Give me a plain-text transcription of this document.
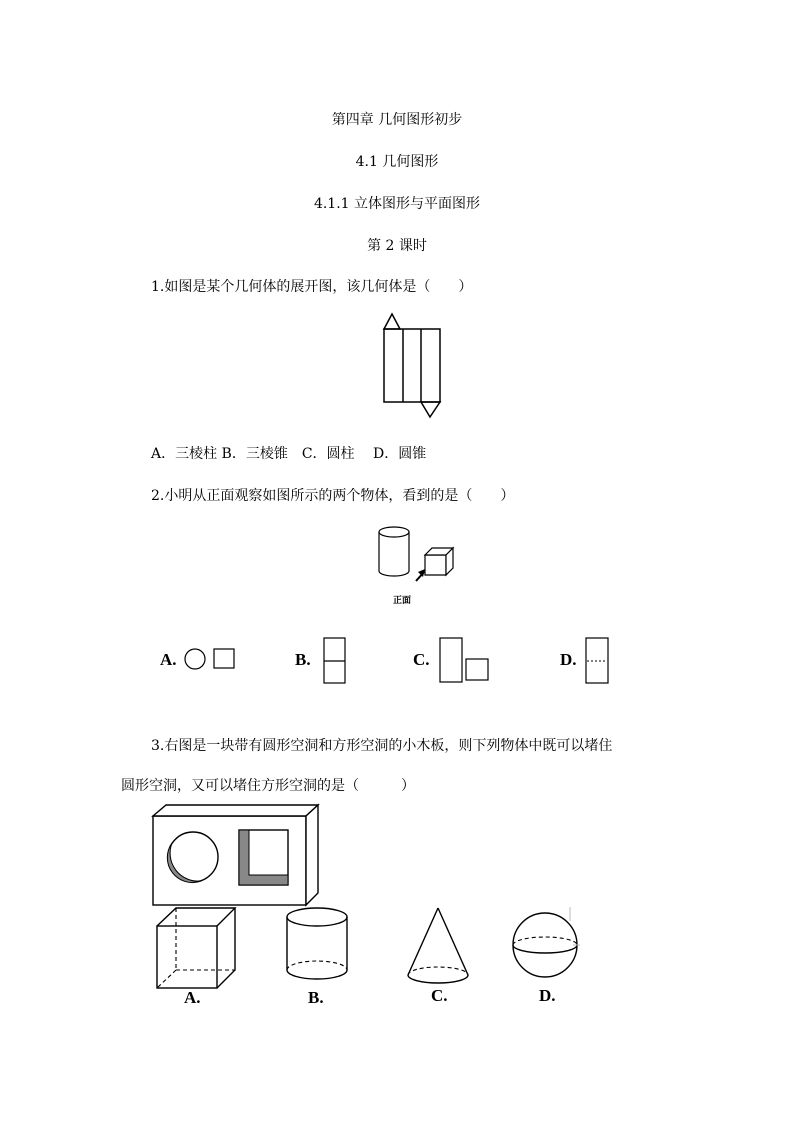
第四章 几何图形初步
4.1 几何图形
4.1.1 立体图形与平面图形
第 2 课时
1.如图是某个几何体的展开图，该几何体是（　　）
A．三棱柱 B．三棱锥　C．圆柱　 D．圆锥
2.小明从正面观察如图所示的两个物体，看到的是（　　）
正面
A.	B.	C.	D.
3.右图是一块带有圆形空洞和方形空洞的小木板，则下列物体中既可以堵住
圆形空洞，又可以堵住方形空洞的是（　　　）
A.	B.	C.	D.
